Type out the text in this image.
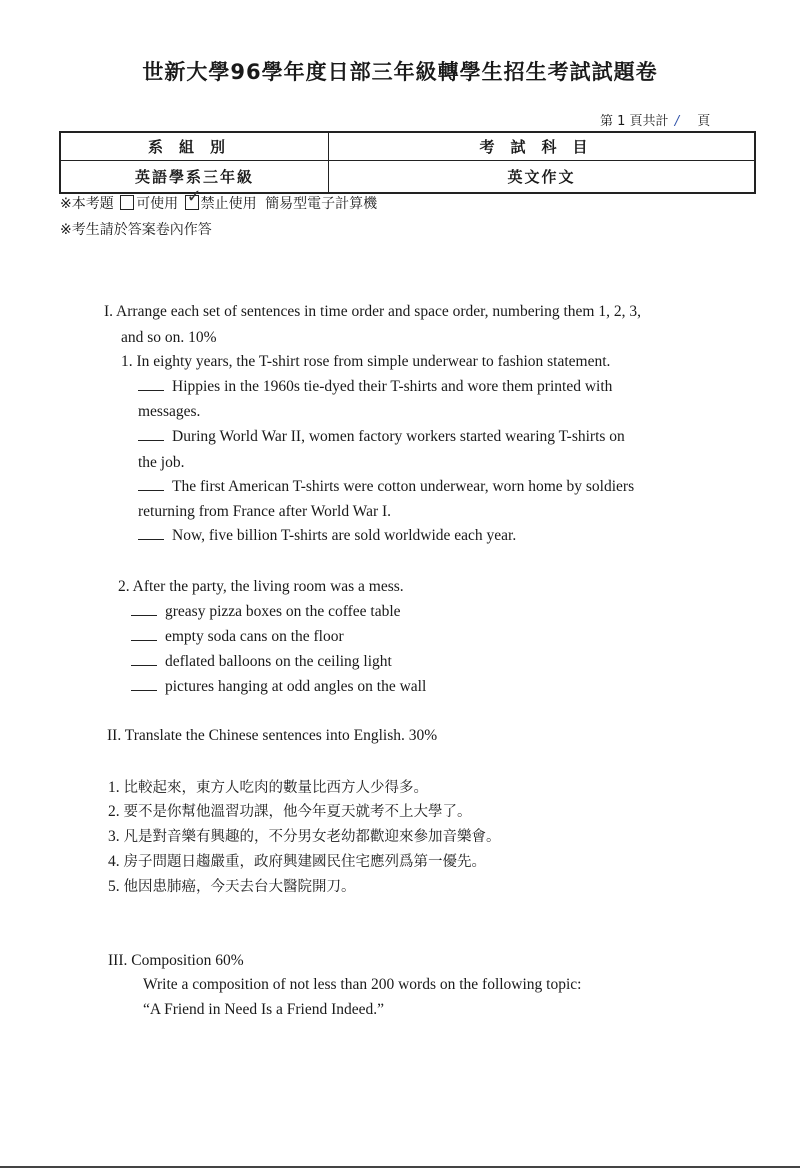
世新大學96學年度日部三年級轉學生招生考試試題卷
第 1 頁共計 / 頁
系組別	考試科目
英語學系三年級	英文作文
※本考題 可使用 ✓
禁止使用 簡易型電子計算機
※考生請於答案卷內作答
I. Arrange each set of sentences in time order and space order, numbering them 1, 2, 3,
and so on. 10%
1. In eighty years, the T-shirt rose from simple underwear to fashion statement.
Hippies in the 1960s tie-dyed their T-shirts and wore them printed with
messages.
During World War II, women factory workers started wearing T-shirts on
the job.
The first American T-shirts were cotton underwear, worn home by soldiers
returning from France after World War I.
Now, five billion T-shirts are sold worldwide each year.
2. After the party, the living room was a mess.
greasy pizza boxes on the coffee table
empty soda cans on the floor
deflated balloons on the ceiling light
pictures hanging at odd angles on the wall
II. Translate the Chinese sentences into English. 30%
1. 比較起來，東方人吃肉的數量比西方人少得多。
2. 要不是你幫他溫習功課，他今年夏天就考不上大學了。
3. 凡是對音樂有興趣的，不分男女老幼都歡迎來參加音樂會。
4. 房子問題日趨嚴重，政府興建國民住宅應列爲第一優先。
5. 他因患肺癌，今天去台大醫院開刀。
III. Composition 60%
Write a composition of not less than 200 words on the following topic:
“A Friend in Need Is a Friend Indeed.”
